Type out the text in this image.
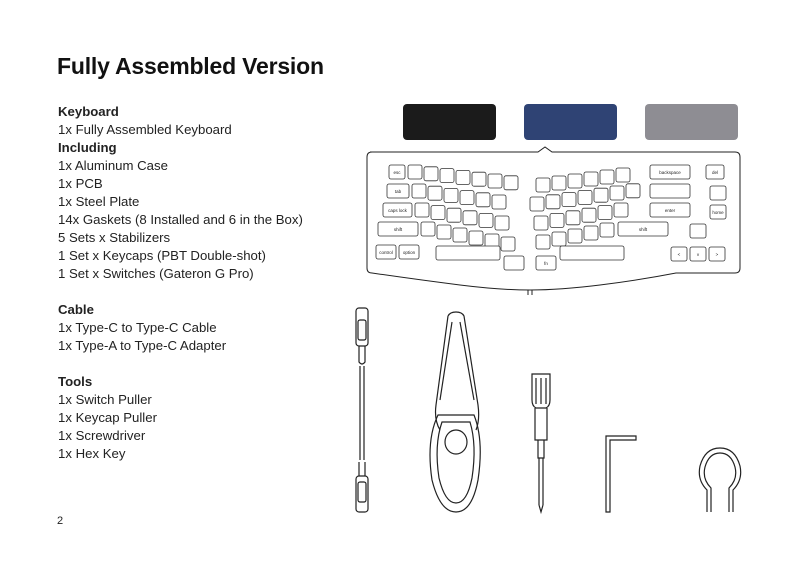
Fully Assembled Version
Keyboard
1x Fully Assembled Keyboard
Including
1x Aluminum Case
1x PCB
1x Steel Plate
14x Gaskets (8 Installed and 6 in the Box)
5 Sets x Stabilizers
1 Set x Keycaps (PBT Double-shot)
1 Set x Switches (Gateron G Pro)
Cable
1x Type-C to Type-C Cable
1x Type-A to Type-C Adapter
Tools
1x Switch Puller
1x Keycap Puller
1x Screwdriver
1x Hex Key
2
esc
tab
caps lock
shift
control option
backspace
enter
shift
fn
del
home
<	v	>
